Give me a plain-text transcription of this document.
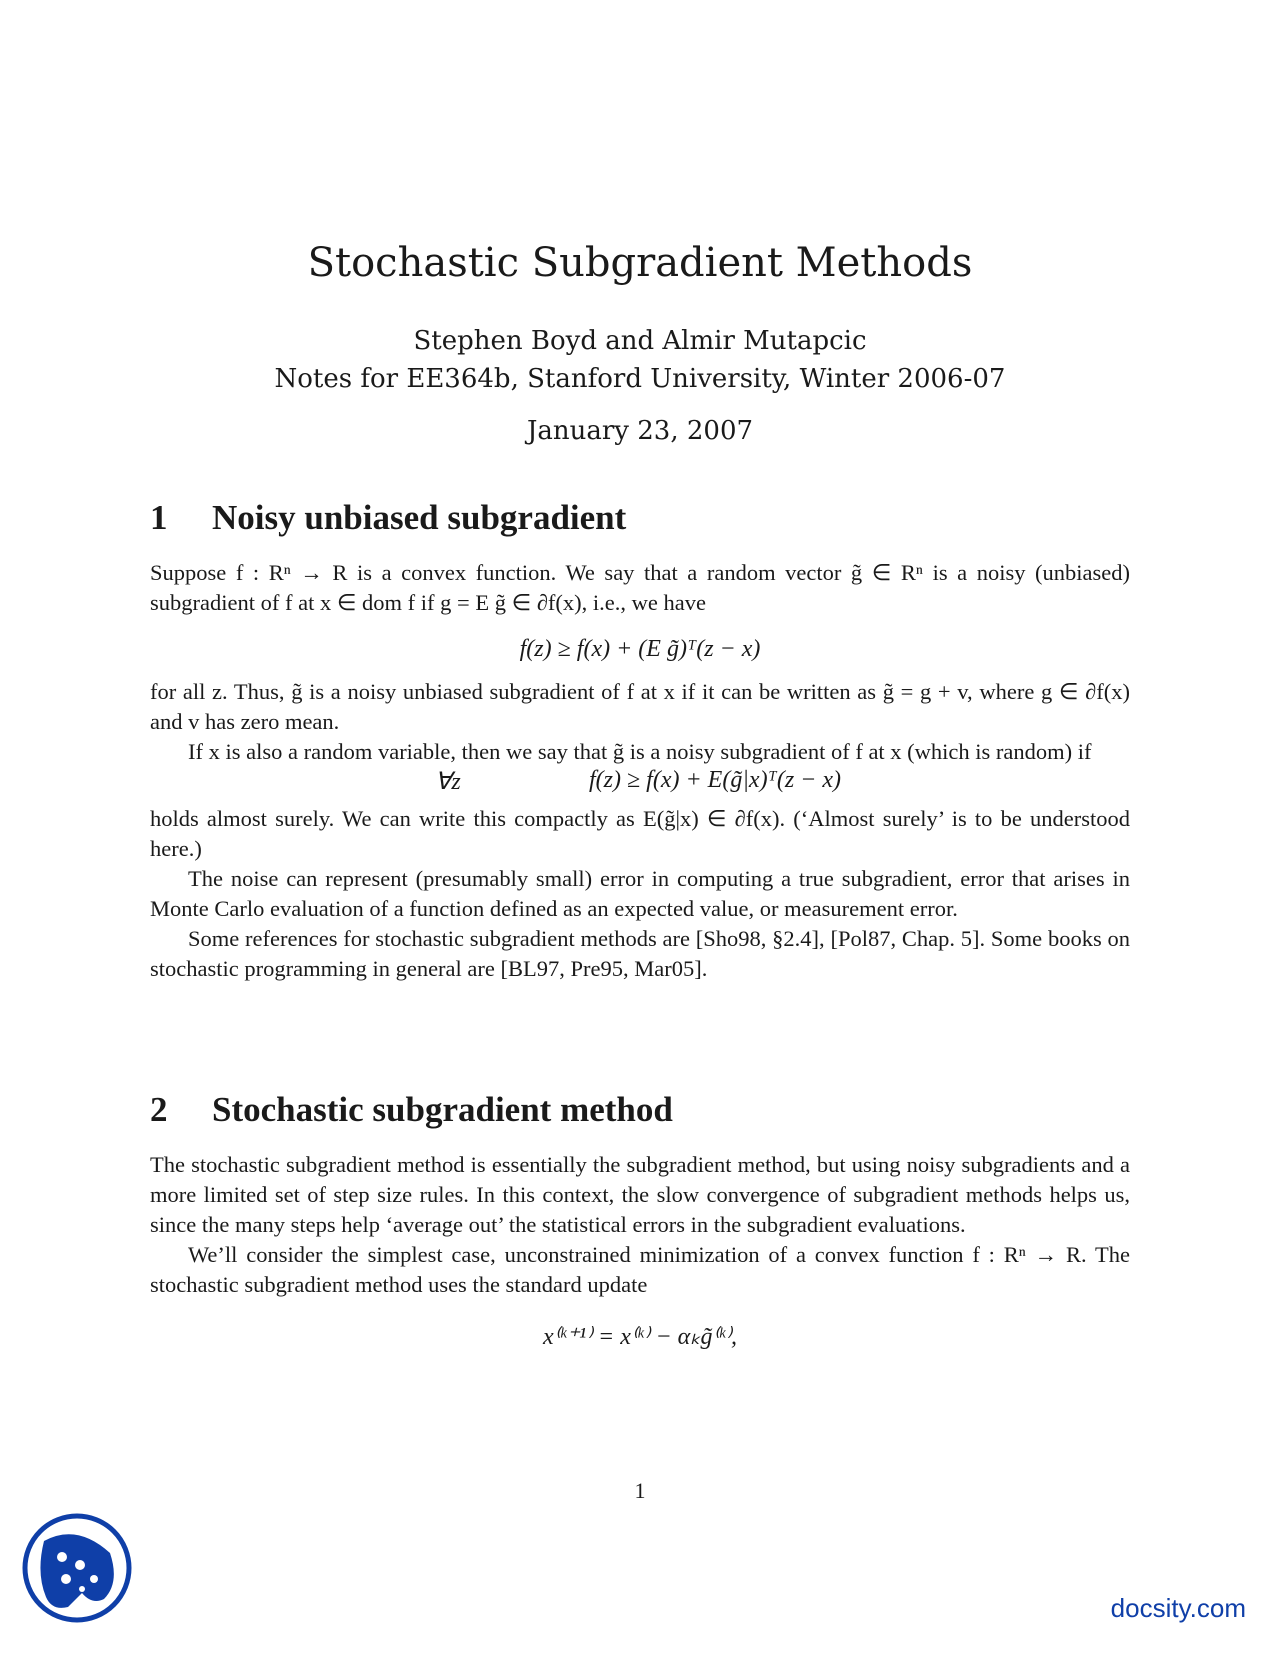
Stochastic Subgradient Methods
Stephen Boyd and Almir Mutapcic
Notes for EE364b, Stanford University, Winter 2006-07
January 23, 2007
1 Noisy unbiased subgradient

Suppose f : Rⁿ → R is a convex function. We say that a random vector g̃ ∈ Rⁿ is a noisy (unbiased) subgradient of f at x ∈ dom f if g = E g̃ ∈ ∂f(x), i.e., we have

f(z) ≥ f(x) + (E g̃)ᵀ(z − x)

for all z. Thus, g̃ is a noisy unbiased subgradient of f at x if it can be written as g̃ = g + v, where g ∈ ∂f(x) and v has zero mean.

If x is also a random variable, then we say that g̃ is a noisy subgradient of f at x (which is random) if

∀z	f(z) ≥ f(x) + E(g̃|x)ᵀ(z − x)

holds almost surely. We can write this compactly as E(g̃|x) ∈ ∂f(x). (‘Almost surely’ is to be understood here.)

The noise can represent (presumably small) error in computing a true subgradient, error that arises in Monte Carlo evaluation of a function defined as an expected value, or measurement error.

Some references for stochastic subgradient methods are [Sho98, §2.4], [Pol87, Chap. 5]. Some books on stochastic programming in general are [BL97, Pre95, Mar05].

2 Stochastic subgradient method

The stochastic subgradient method is essentially the subgradient method, but using noisy subgradients and a more limited set of step size rules. In this context, the slow convergence of subgradient methods helps us, since the many steps help ‘average out’ the statistical errors in the subgradient evaluations.

We’ll consider the simplest case, unconstrained minimization of a convex function f : Rⁿ → R. The stochastic subgradient method uses the standard update

x⁽ᵏ⁺¹⁾ = x⁽ᵏ⁾ − αₖg̃⁽ᵏ⁾,
1
docsity.com
